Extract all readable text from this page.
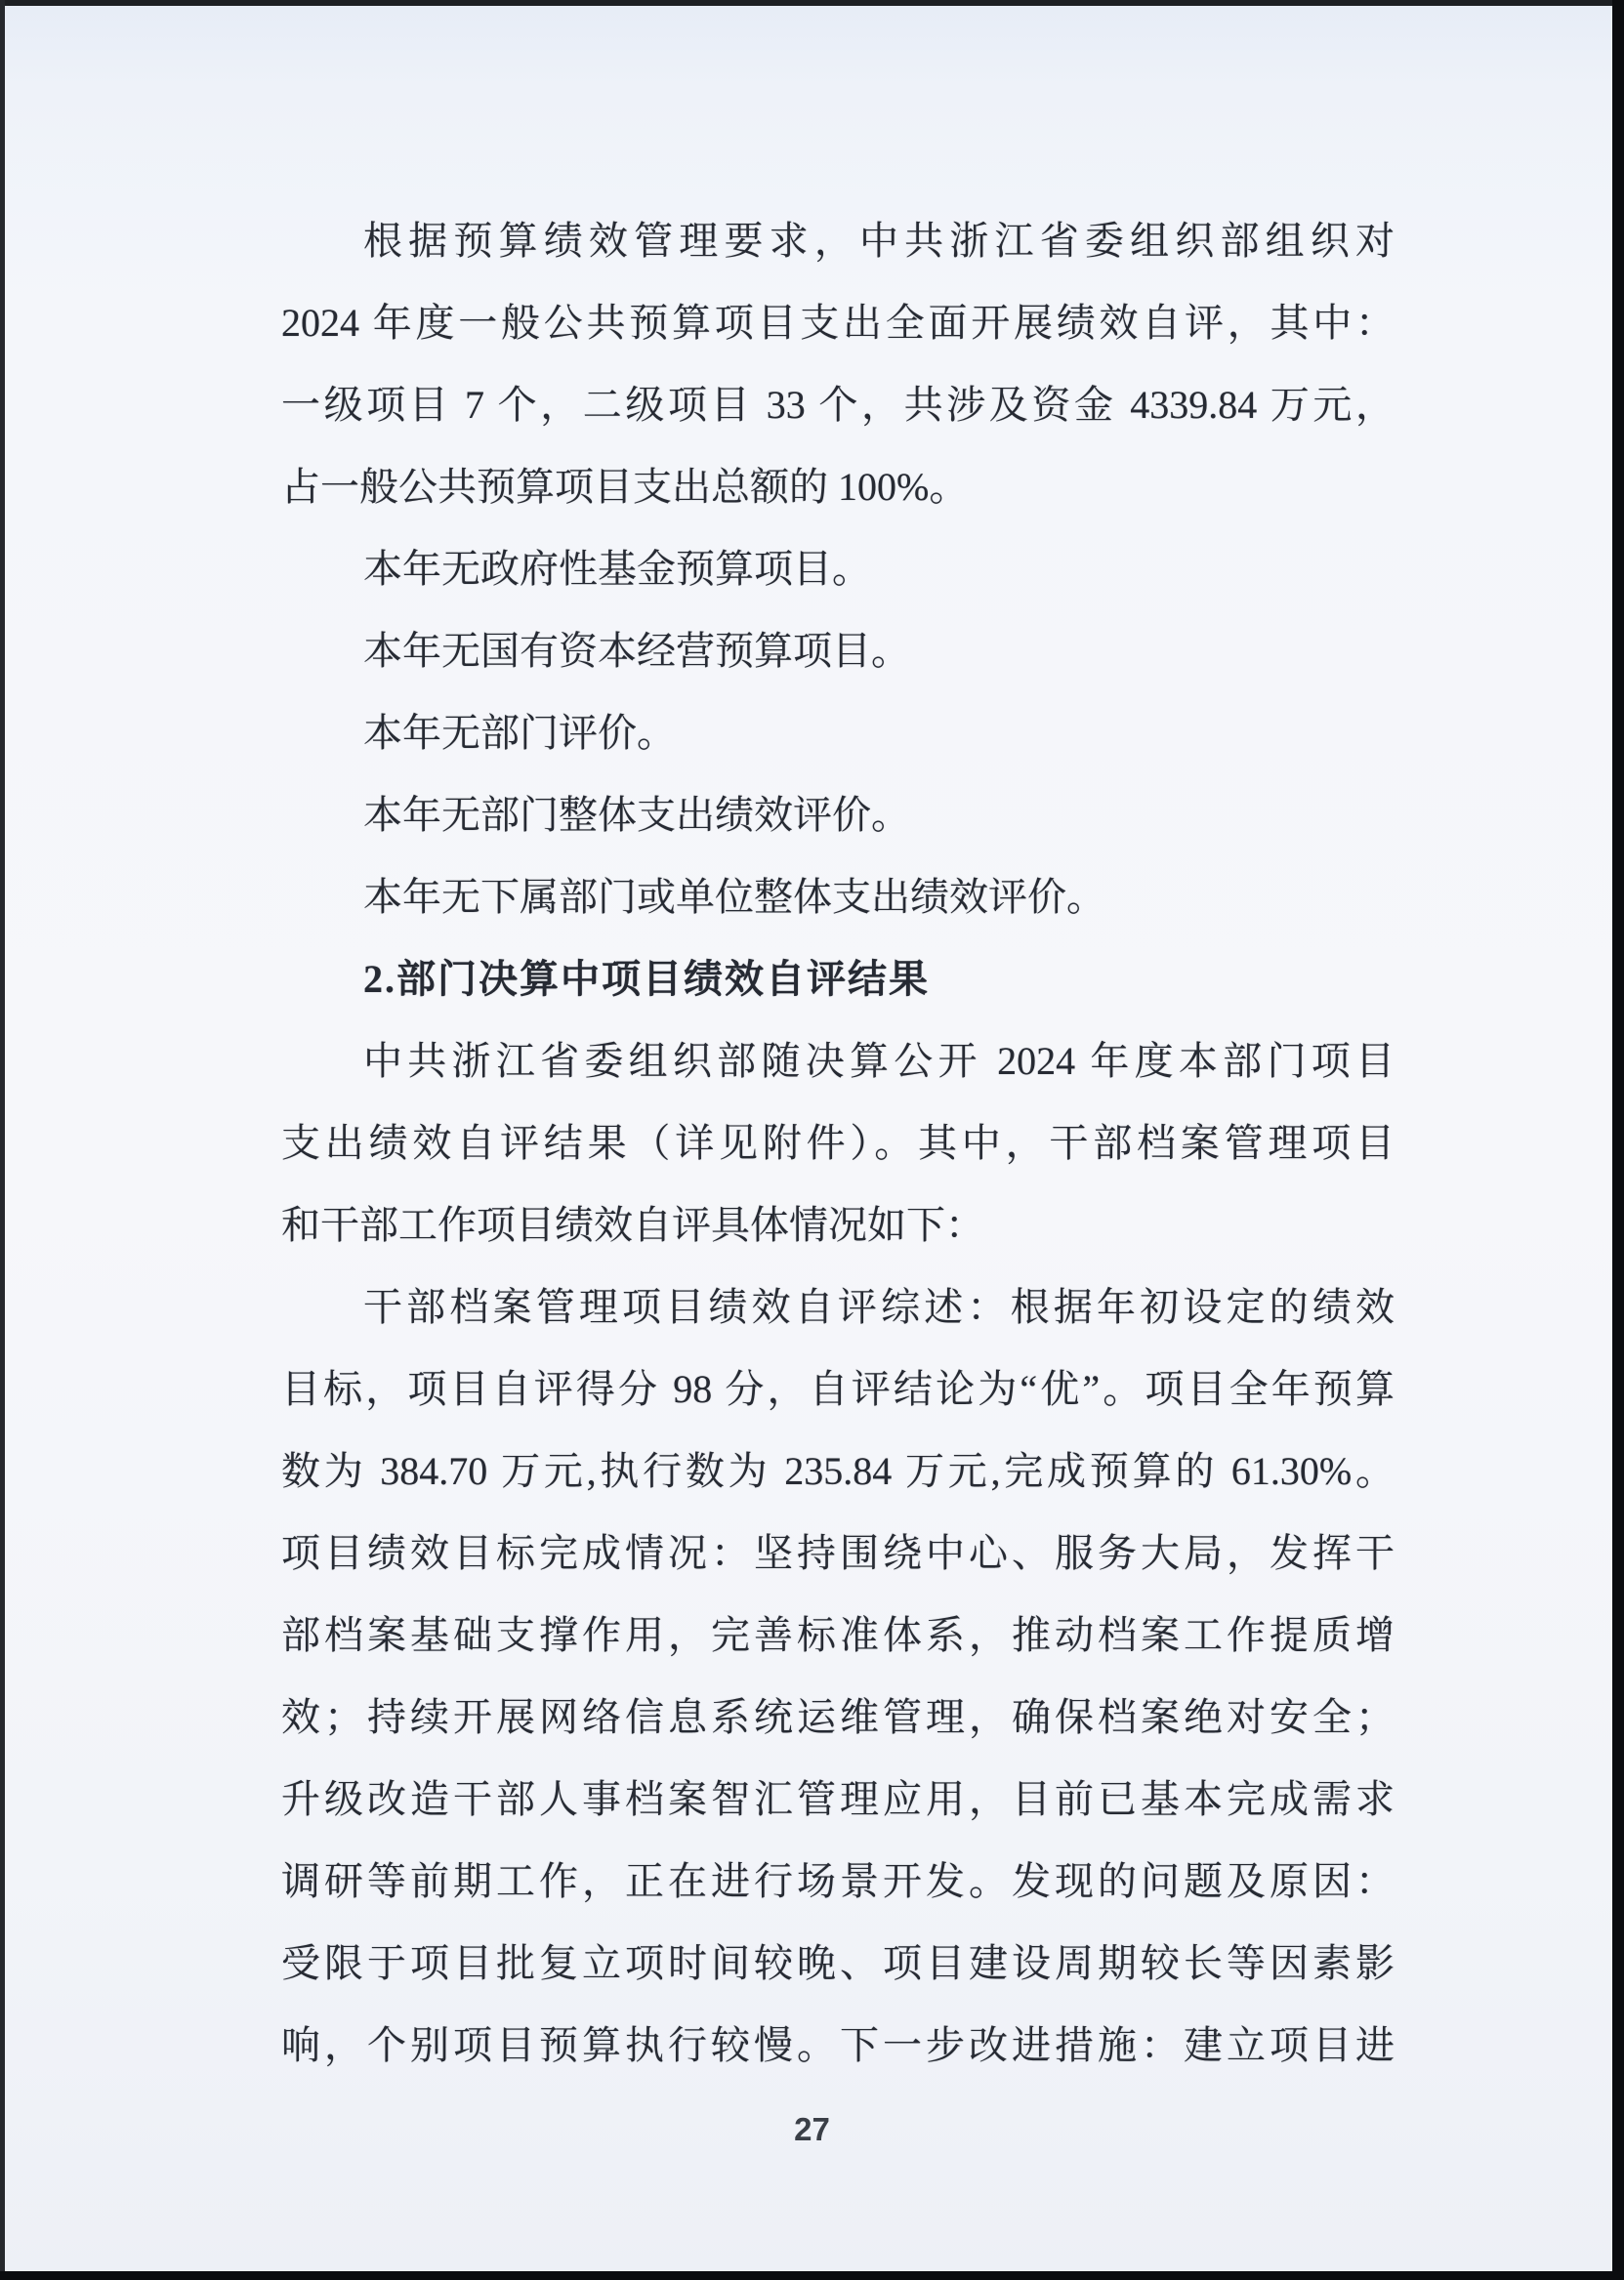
根据预算绩效管理要求，中共浙江省委组织部组织对
2024 年度一般公共预算项目支出全面开展绩效自评，其中：
一级项目 7 个，二级项目 33 个，共涉及资金 4339.84 万元，
占一般公共预算项目支出总额的 100%。
本年无政府性基金预算项目。
本年无国有资本经营预算项目。
本年无部门评价。
本年无部门整体支出绩效评价。
本年无下属部门或单位整体支出绩效评价。
2.部门决算中项目绩效自评结果
中共浙江省委组织部随决算公开 2024 年度本部门项目
支出绩效自评结果（详见附件）。其中，干部档案管理项目
和干部工作项目绩效自评具体情况如下：
干部档案管理项目绩效自评综述：根据年初设定的绩效
目标，项目自评得分 98 分，自评结论为“优”。项目全年预算
数为 384.70 万元,执行数为 235.84 万元,完成预算的 61.30%。
项目绩效目标完成情况：坚持围绕中心、服务大局，发挥干
部档案基础支撑作用，完善标准体系，推动档案工作提质增
效；持续开展网络信息系统运维管理，确保档案绝对安全；
升级改造干部人事档案智汇管理应用，目前已基本完成需求
调研等前期工作，正在进行场景开发。发现的问题及原因：
受限于项目批复立项时间较晚、项目建设周期较长等因素影
响，个别项目预算执行较慢。下一步改进措施：建立项目进
27
